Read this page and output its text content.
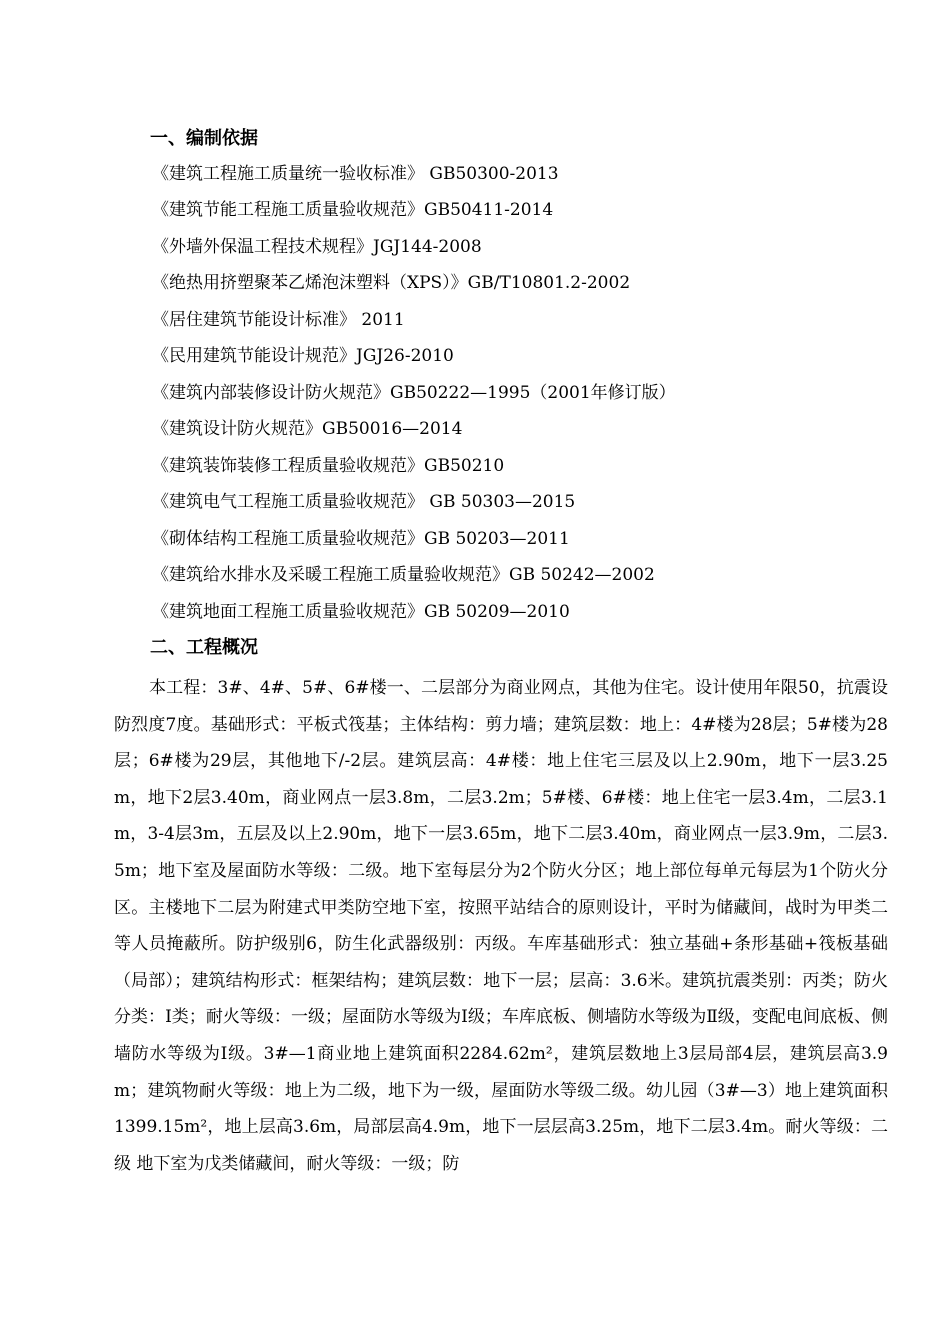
一、编制依据
《建筑工程施工质量统一验收标准》 GB50300-2013
《建筑节能工程施工质量验收规范》GB50411-2014
《外墙外保温工程技术规程》JGJ144-2008
《绝热用挤塑聚苯乙烯泡沫塑料（XPS）》GB/T10801.2-2002
《居住建筑节能设计标准》 2011
《民用建筑节能设计规范》JGJ26-2010
《建筑内部装修设计防火规范》GB50222—1995（2001年修订版）
《建筑设计防火规范》GB50016—2014
《建筑装饰装修工程质量验收规范》GB50210
《建筑电气工程施工质量验收规范》 GB 50303—2015
《砌体结构工程施工质量验收规范》GB 50203—2011
《建筑给水排水及采暖工程施工质量验收规范》GB 50242—2002
《建筑地面工程施工质量验收规范》GB 50209—2010
二、工程概况

本工程：3#、4#、5#、6#楼一、二层部分为商业网点，其他为住宅。设计使用年限50，抗震设防烈度7度。基础形式：平板式筏基；主体结构：剪力墙；建筑层数：地上：4#楼为28层；5#楼为28层；6#楼为29层，其他地下/-2层。建筑层高：4#楼：地上住宅三层及以上2.90m，地下一层3.25m，地下2层3.40m，商业网点一层3.8m，二层3.2m；5#楼、6#楼：地上住宅一层3.4m，二层3.1m，3-4层3m，五层及以上2.90m，地下一层3.65m，地下二层3.40m，商业网点一层3.9m，二层3.5m；地下室及屋面防水等级：二级。地下室每层分为2个防火分区；地上部位每单元每层为1个防火分区。主楼地下二层为附建式甲类防空地下室，按照平站结合的原则设计，平时为储藏间，战时为甲类二等人员掩蔽所。防护级别6，防生化武器级别：丙级。车库基础形式：独立基础+条形基础+筏板基础（局部）；建筑结构形式：框架结构；建筑层数：地下一层；层高：3.6米。建筑抗震类别：丙类；防火分类：Ⅰ类；耐火等级：一级；屋面防水等级为Ⅰ级；车库底板、侧墙防水等级为Ⅱ级，变配电间底板、侧墙防水等级为Ⅰ级。3#—1商业地上建筑面积2284.62m²，建筑层数地上3层局部4层，建筑层高3.9m；建筑物耐火等级：地上为二级，地下为一级，屋面防水等级二级。幼儿园（3#—3）地上建筑面积1399.15m²，地上层高3.6m，局部层高4.9m，地下一层层高3.25m，地下二层3.4m。耐火等级：二级 地下室为戊类储藏间，耐火等级：一级；防
